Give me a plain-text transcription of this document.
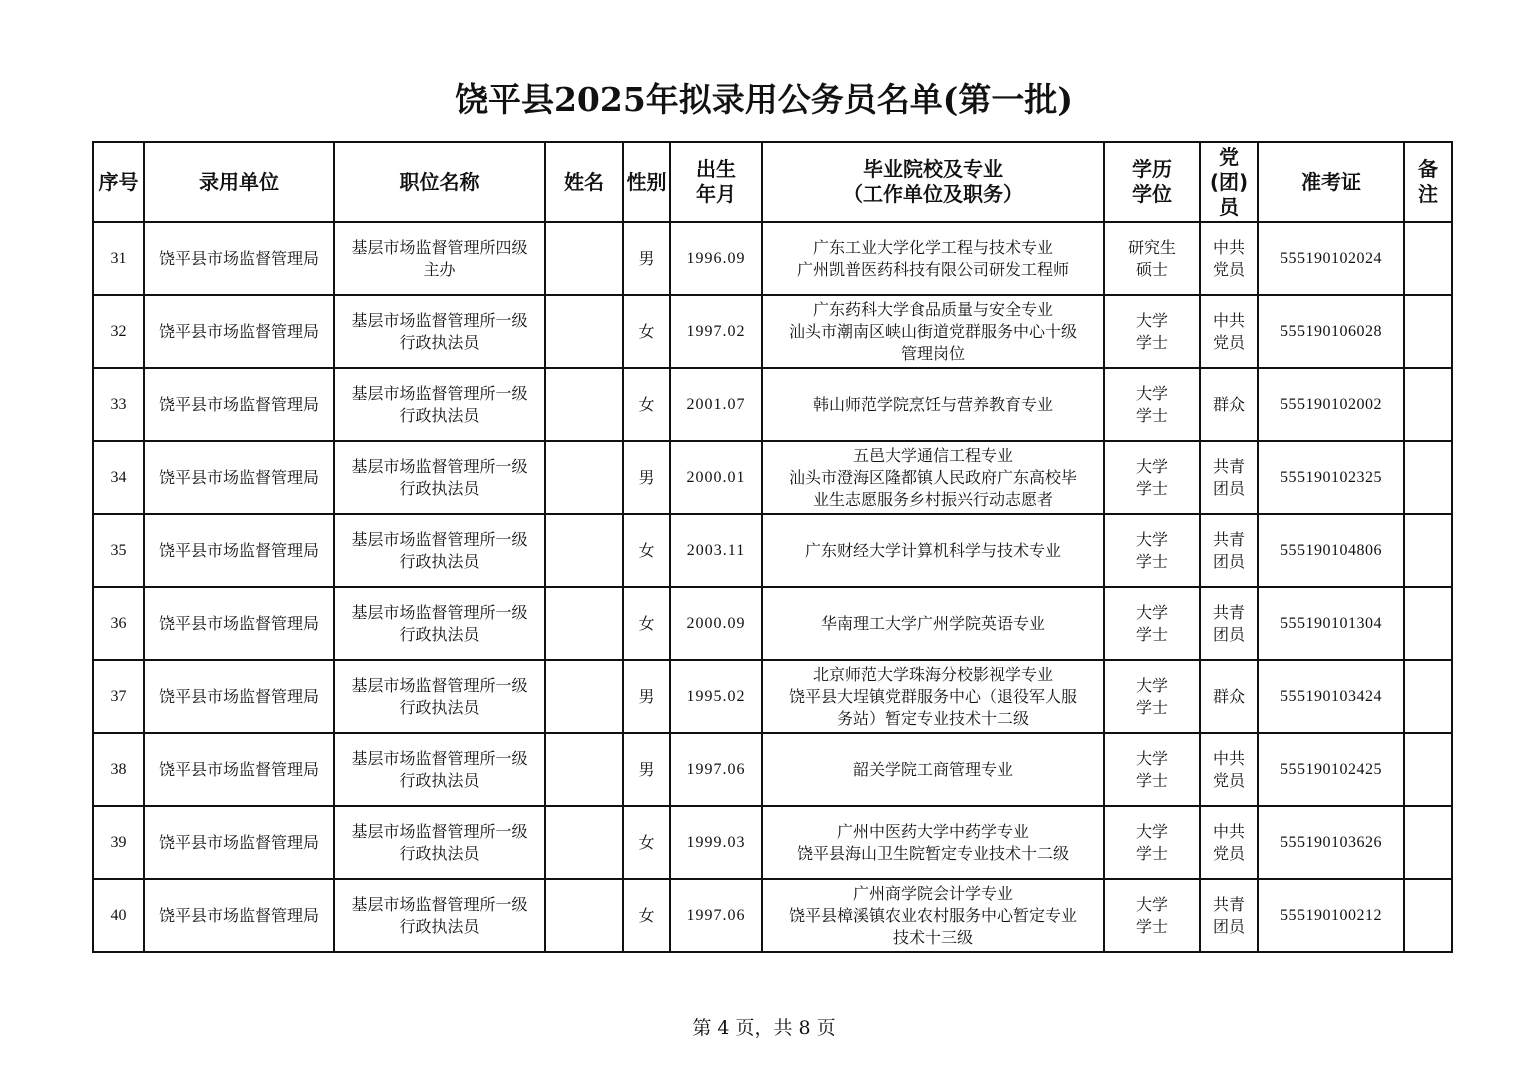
饶平县2025年拟录用公务员名单(第一批)
序号	录用单位	职位名称	姓名	性别	出生
年月	毕业院校及专业
（工作单位及职务）	学历
学位	党
(团)
员	准考证	备
注

31	饶平县市场监督管理局	基层市场监督管理所四级
主办		男	1996.09	广东工业大学化学工程与技术专业
广州凯普医药科技有限公司研发工程师	研究生
硕士	中共
党员	555190102024	
32	饶平县市场监督管理局	基层市场监督管理所一级
行政执法员		女	1997.02	广东药科大学食品质量与安全专业
汕头市潮南区峡山街道党群服务中心十级
管理岗位	大学
学士	中共
党员	555190106028	
33	饶平县市场监督管理局	基层市场监督管理所一级
行政执法员		女	2001.07	韩山师范学院烹饪与营养教育专业	大学
学士	群众	555190102002	
34	饶平县市场监督管理局	基层市场监督管理所一级
行政执法员		男	2000.01	五邑大学通信工程专业
汕头市澄海区隆都镇人民政府广东高校毕
业生志愿服务乡村振兴行动志愿者	大学
学士	共青
团员	555190102325	
35	饶平县市场监督管理局	基层市场监督管理所一级
行政执法员		女	2003.11	广东财经大学计算机科学与技术专业	大学
学士	共青
团员	555190104806	
36	饶平县市场监督管理局	基层市场监督管理所一级
行政执法员		女	2000.09	华南理工大学广州学院英语专业	大学
学士	共青
团员	555190101304	
37	饶平县市场监督管理局	基层市场监督管理所一级
行政执法员		男	1995.02	北京师范大学珠海分校影视学专业
饶平县大埕镇党群服务中心（退役军人服
务站）暂定专业技术十二级	大学
学士	群众	555190103424	
38	饶平县市场监督管理局	基层市场监督管理所一级
行政执法员		男	1997.06	韶关学院工商管理专业	大学
学士	中共
党员	555190102425	
39	饶平县市场监督管理局	基层市场监督管理所一级
行政执法员		女	1999.03	广州中医药大学中药学专业
饶平县海山卫生院暂定专业技术十二级	大学
学士	中共
党员	555190103626	
40	饶平县市场监督管理局	基层市场监督管理所一级
行政执法员		女	1997.06	广州商学院会计学专业
饶平县樟溪镇农业农村服务中心暂定专业
技术十三级	大学
学士	共青
团员	555190100212	
第 4 页，共 8 页
